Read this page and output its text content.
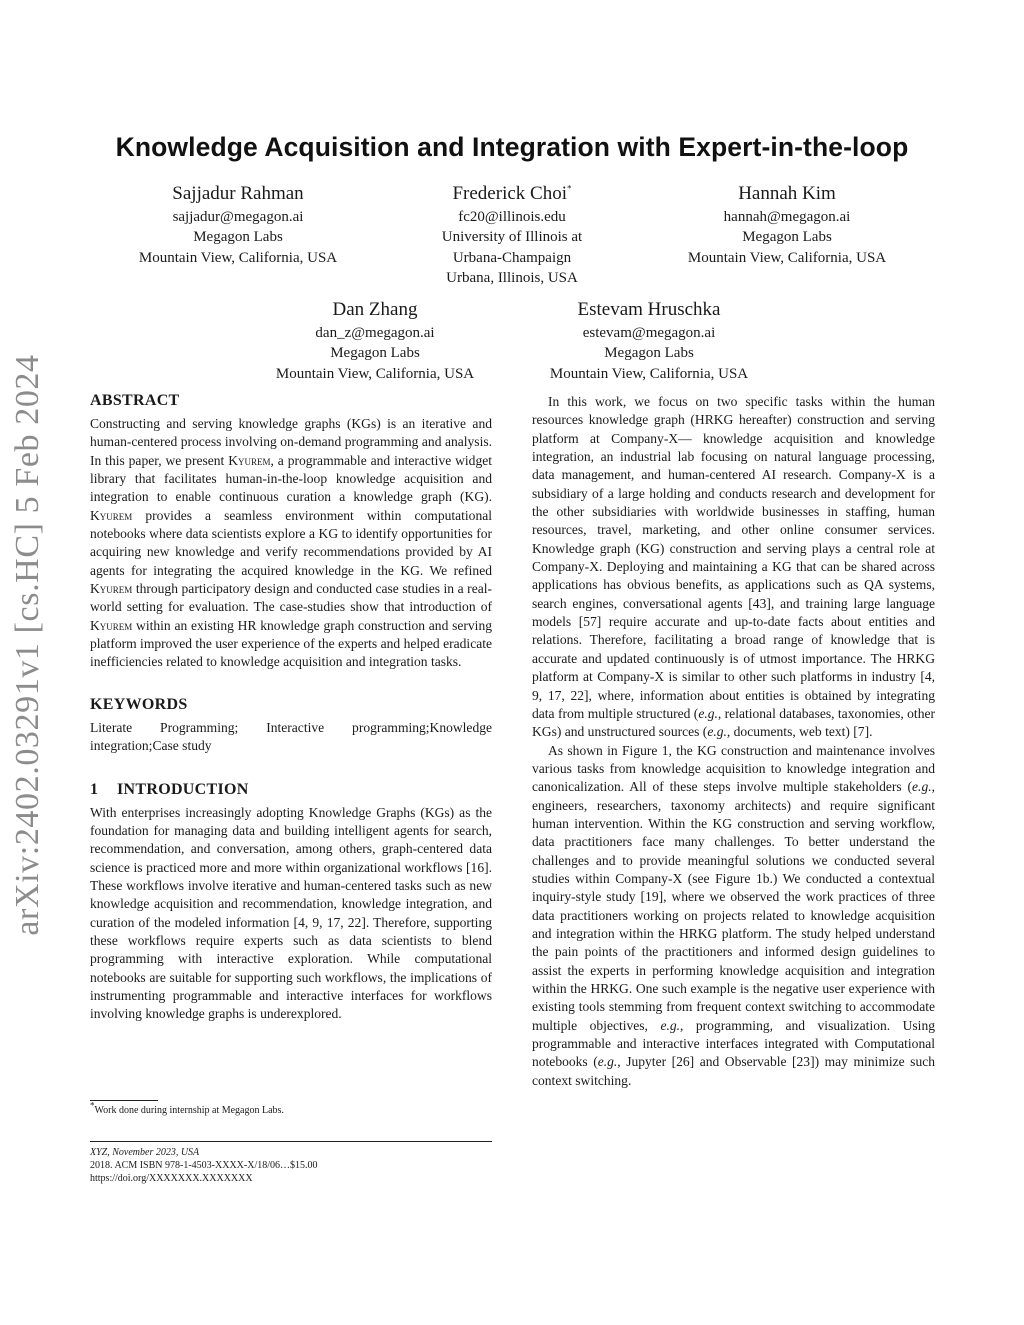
arXiv:2402.03291v1 [cs.HC] 5 Feb 2024
Knowledge Acquisition and Integration with Expert-in-the-loop
Sajjadur Rahman
sajjadur@megagon.ai
Megagon Labs
Mountain View, California, USA
Frederick Choi*
fc20@illinois.edu
University of Illinois at
Urbana-Champaign
Urbana, Illinois, USA
Hannah Kim
hannah@megagon.ai
Megagon Labs
Mountain View, California, USA
Dan Zhang
dan_z@megagon.ai
Megagon Labs
Mountain View, California, USA
Estevam Hruschka
estevam@megagon.ai
Megagon Labs
Mountain View, California, USA
ABSTRACT

Constructing and serving knowledge graphs (KGs) is an iterative and human-centered process involving on-demand programming and analysis. In this paper, we present Kyurem, a programmable and interactive widget library that facilitates human-in-the-loop knowledge acquisition and integration to enable continuous curation a knowledge graph (KG). Kyurem provides a seamless environment within computational notebooks where data scientists explore a KG to identify opportunities for acquiring new knowledge and verify recommendations provided by AI agents for integrating the acquired knowledge in the KG. We refined Kyurem through participatory design and conducted case studies in a real-world setting for evaluation. The case-studies show that introduction of Kyurem within an existing HR knowledge graph construction and serving platform improved the user experience of the experts and helped eradicate inefficiencies related to knowledge acquisition and integration tasks.

KEYWORDS

Literate Programming; Interactive programming;Knowledge integration;Case study

1 INTRODUCTION

With enterprises increasingly adopting Knowledge Graphs (KGs) as the foundation for managing data and building intelligent agents for search, recommendation, and conversation, among others, graph-centered data science is practiced more and more within organizational workflows [16]. These workflows involve iterative and human-centered tasks such as new knowledge acquisition and recommendation, knowledge integration, and curation of the modeled information [4, 9, 17, 22]. Therefore, supporting these workflows require experts such as data scientists to blend programming with interactive exploration. While computational notebooks are suitable for supporting such workflows, the implications of instrumenting programmable and interactive interfaces for workflows involving knowledge graphs is underexplored.

In this work, we focus on two specific tasks within the human resources knowledge graph (HRKG hereafter) construction and serving platform at Company-X— knowledge acquisition and knowledge integration, an industrial lab focusing on natural language processing, data management, and human-centered AI research. Company-X is a subsidiary of a large holding and conducts research and development for the other subsidiaries with worldwide businesses in staffing, human resources, travel, marketing, and other online consumer services. Knowledge graph (KG) construction and serving plays a central role at Company-X. Deploying and maintaining a KG that can be shared across applications has obvious benefits, as applications such as QA systems, search engines, conversational agents [43], and training large language models [57] require accurate and up-to-date facts about entities and relations. Therefore, facilitating a broad range of knowledge that is accurate and updated continuously is of utmost importance. The HRKG platform at Company-X is similar to other such platforms in industry [4, 9, 17, 22], where, information about entities is obtained by integrating data from multiple structured (e.g., relational databases, taxonomies, other KGs) and unstructured sources (e.g., documents, web text) [7].

As shown in Figure 1, the KG construction and maintenance involves various tasks from knowledge acquisition to knowledge integration and canonicalization. All of these steps involve multiple stakeholders (e.g., engineers, researchers, taxonomy architects) and require significant human intervention. Within the KG construction and serving workflow, data practitioners face many challenges. To better understand the challenges and to provide meaningful solutions we conducted several studies within Company-X (see Figure 1b.) We conducted a contextual inquiry-style study [19], where we observed the work practices of three data practitioners working on projects related to knowledge acquisition and integration within the HRKG platform. The study helped understand the pain points of the practitioners and informed design guidelines to assist the experts in performing knowledge acquisition and integration within the HRKG. One such example is the negative user experience with existing tools stemming from frequent context switching to accommodate multiple objectives, e.g., programming, and visualization. Using programmable and interactive interfaces integrated with Computational notebooks (e.g., Jupyter [26] and Observable [23]) may minimize such context switching.

*Work done during internship at Megagon Labs.
XYZ, November 2023, USA
2018. ACM ISBN 978-1-4503-XXXX-X/18/06…$15.00
https://doi.org/XXXXXXX.XXXXXXX
